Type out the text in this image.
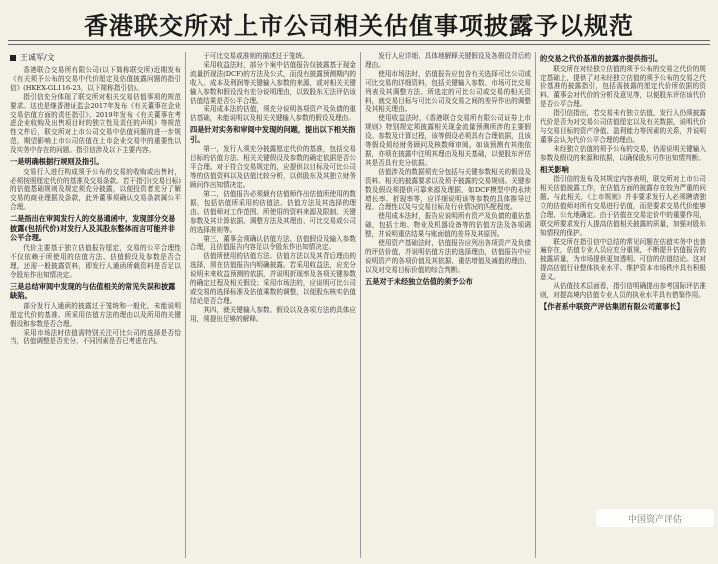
香港联交所对上市公司相关估值事项披露予以规范
王诚军/文

香港联合交易所有限公司(以下简称联交所)近期发布《有关须予公布的交易中代价厘定及估值披露问题的指引信》(HKEX-GL116-23，以下简称指引信)。

指引信充分体现了联交所对相关交易估值事项的规范要求。这也是继香港证监会2017年发布《有关董事在企业交易估值方面的责任指引》、2019年发布《有关董事在考虑企业收购及出售项目时的独立性及责任的声明》等规范性文件后，联交所对上市公司交易中估值问题的进一步规范，期望影响上市公司估值在上市企业交易中的重要性以及实务中存在的问题。指引信涉及以下主要内容。

一是明确根据行规则及指引。

交易行入进行构成须予公布的交易的收购或出售时，必须按照厘定代价的基准及交易条款。若干指引(交易目标)的估值基础规则及规定须充分披露，以便投资者充分了解交易的商业理据及条款，此外董事须确认交易条款属公平合理。

二是指出在审阅发行人的交易通函中，发现部分交易披露(包括代价)对发行人及其股东整体而言可能并非公平合理。

代价主要基于独立估值报告厘定，交易的公平合理性不仅依赖于所使用的估值方法、估值假设及参数是否合理，还需一般披露资料，即发行人通函所载资料是否足以令股东作出知情决定。

三是总结审阅中发现的与估值相关的常见失误和披露缺陷。

部分发行人通函的披露过于笼统和一般化，未能说明厘定代价的基准、所采用估值方法的理由以及所用的关键假设和参数是否合理。

采用市场法时估值需特别关注可比公司的选择是否恰当，估值调整是否充分，不同因素是否已考虑在内。

于可比交易或准则的描述过于笼统。

采用收益法时，部分个案中估值报告仅披露基于现金流量折现法(DCF)的方法及公式，而没有披露预测期内的收入、成本及利润等关键输入参数的来源，或对相关关键输入参数和假设没有充分说明理由，以致股东无法评估该估值结果是否公平合理。

采用成本法的估值，须充分说明各项资产及负债的重估基础，未能说明以及相关关键输入参数的假设及理由。

四是针对实务和审阅中发现的问题，提出以下相关指引。

第一，发行人须充分披露厘定代价的基准，包括交易目标的估值方法、相关关键假设及参数的确定依据是否公平合理。对于符合交易规定的，应提供以目标及可比公司等的估值资料以及估值比较分析，以供股东及其独立财务顾问作出知情决定。

第二，估值报告必须载有估值师作出估值所使用的数据，包括估值所采用的估值法、估值方法及其选择的理由、估值师对工作范围、所使用的资料来源及限制、关键参数及其计算依据、调整方法及其理由、可比交易或公司的选择准则等。

第三，董事会须确认估值方法、估值假设及输入参数合理，且估值报告内容足以令股东作出知情决定。

估值所使用的估值方法、估值方法以及其背后理由的选择，须在估值报告内明确披露。若采用收益法，应充分说明未来收益预测的依据，并说明折现率及各项关键参数的确定过程及相关假设；采用市场法的，应说明可比公司或交易的选择标准及估值乘数的调整，以便股东核实估值结论是否合理。

其四，就关键输入参数、假设以及各项方法的具体应用，须提出足够的解释。

发行人应详细、具体地解释关键假设及各假设背后的理由。

使用市场法时，估值报告应包含有关选择可比公司或可比交易的详细资料，包括关键输入参数、市场可比交易列表及其调整方法、所选定的可比公司或交易的相关资料，就交易目标与可比公司及交易之间的差异作出的调整及其相关理由。

使用收益法时，《香港联合交易所有限公司证券上市规则》特别规定须披露相关现金流量预测所涉的主要假设、参数及计算过程，该等假设必须具有合理依据，且该等假设须经财务顾问及核数师审阅。如该预测有其他依据，亦须在披露中注明其理由及相关基础，以便股东评估其是否具有充分依据。

估值涉及的数据须充分包括与关键参数相关的假设及资料、相关的披露要求以及须予披露的交易规则。关键参数及假设须提供可靠来源及理据，如DCF模型中的永续增长率、折现率等，应详细说明该等参数的具体推导过程、合理性以及与交易目标及行业情况的匹配程度。

使用成本法时，报告应说明所有资产及负债的重估基础，包括土地、物业及机器设备等的估值方法及各项调整，并说明重估结果与账面值的差异及其原因。

使用资产基础法时，估值报告应列出各项资产及负债的评估价值，并说明估值方法的选择理由，估值报告中应说明资产的各项价值及其依据、重估增值及减值的理由，以及对交易目标价值的综合判断。

五是对于未经独立估值的须予公布
的交易之代价基准的披露亦提供指引。

联交所在对经独立估值的须予公布的交易之代价的规定基础上，提供了对未经独立估值的须予公布的交易之代价基准的披露指引，包括需披露的厘定代价所依据的资料、董事会对代价的分析及意见等，以便股东评估该代价是否公平合理。

指引信指出，若交易未有独立估值，发行人仍须披露代价是否为对交易公司估值厘定以及有关数据，说明代价与交易目标的资产净值、盈利能力等因素的关系，并说明董事会认为代价公平合理的理由。

未经独立估值的须予公布的交易，仍需说明关键输入参数及假设的来源和依据，以确保股东可作出知情判断。

相关影响

指引信的发布及其规定内容表明，联交所对上市公司相关估值披露工作，在估值方面的披露存在较为严重的问题。与此相关，《上市规则》并非要求发行人必须聘请独立的估值师对所有交易进行估值，而是要求交易代价能够合理、公允地确定。由于估值在交易定价中的重要作用，联交所要求发行人提高估值相关披露的质量，加强对股东知情权的保护。

联交所在指引信中总结的常见问题在估值实务中也普遍存在，估值专业人员应充分重视，不断提升估值报告的披露质量，为市场提供更加透明、可信的估值结论。这对提高估值行业整体执业水平、维护资本市场秩序具有积极意义。

从估值技术层面看，指引信明确提出参考国际评估准则，对提高境内估值专业人员的执业水平具有借鉴作用。

【作者系中联资产评估集团有限公司董事长】
中国资产评估
